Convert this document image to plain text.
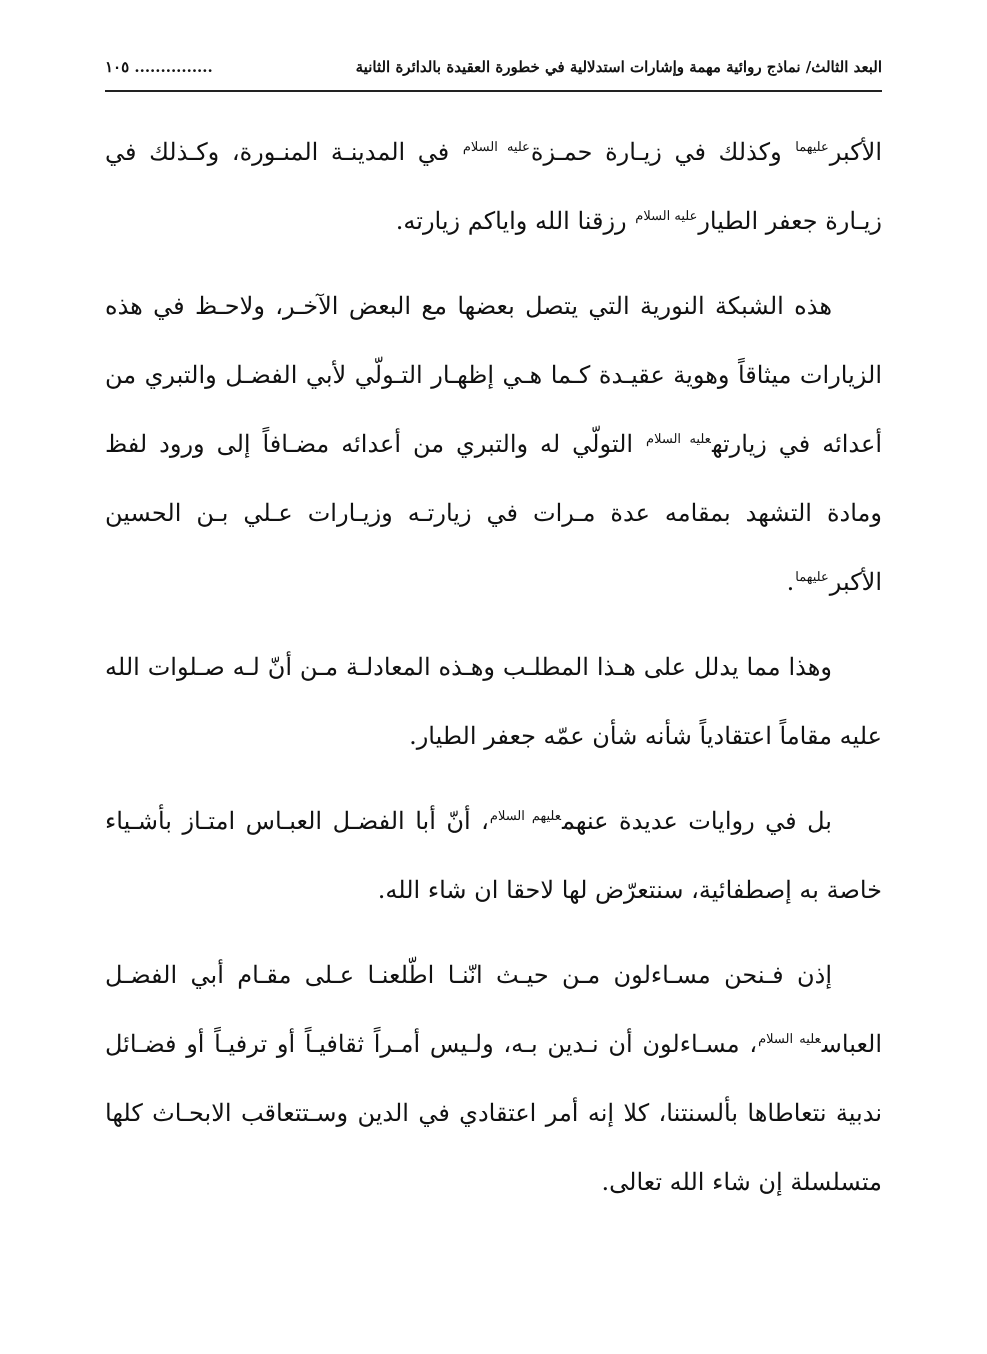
البعد الثالث/ نماذج روائية مهمة وإشارات استدلالية في خطورة العقيدة بالدائرة الثانية
............... ١٠٥

الأكبر$^{عليهما}$ وكذلك في زيـارة حمـزة$^{عليه السلام}$ في المدينـة المنـورة، وكـذلك في زيـارة جعفر الطيار$^{عليه السلام}$ رزقنا الله واياكم زيارته.

هذه الشبكة النورية التي يتصل بعضها مع البعض الآخـر، ولاحـظ في هذه الزيارات ميثاقاً وهوية عقيـدة كـما هـي إظهـار التـولّي لأبي الفضـل والتبري من أعدائه في زيارته$^{عليه السلام}$ التولّي له والتبري من أعدائه مضـافاً إلى ورود لفظ ومادة التشهد بمقامه عدة مـرات في زيارتـه وزيـارات عـلي بـن الحسين الأكبر$^{عليهما}$.

وهذا مما يدلل على هـذا المطلـب وهـذه المعادلـة مـن أنّ لـه صـلوات الله عليه مقاماً اعتقادياً شأنه شأن عمّه جعفر الطيار.

بل في روايات عديدة عنهم$^{عليهم السلام}$، أنّ أبا الفضـل العبـاس امتـاز بأشـياء خاصة به إصطفائية، سنتعرّض لها لاحقا ان شاء الله.

إذن فـنحن مسـاءلون مـن حيـث انّنـا اطّلعنـا عـلى مقـام أبي الفضـل العباس$^{عليه السلام}$، مسـاءلون أن نـدين بـه، ولـيس أمـراً ثقافيـاً أو ترفيـاً أو فضـائل ندبية نتعاطاها بألسنتنا، كلا إنه أمر اعتقادي في الدين وسـتتعاقب الابحـاث كلها متسلسلة إن شاء الله تعالى.
